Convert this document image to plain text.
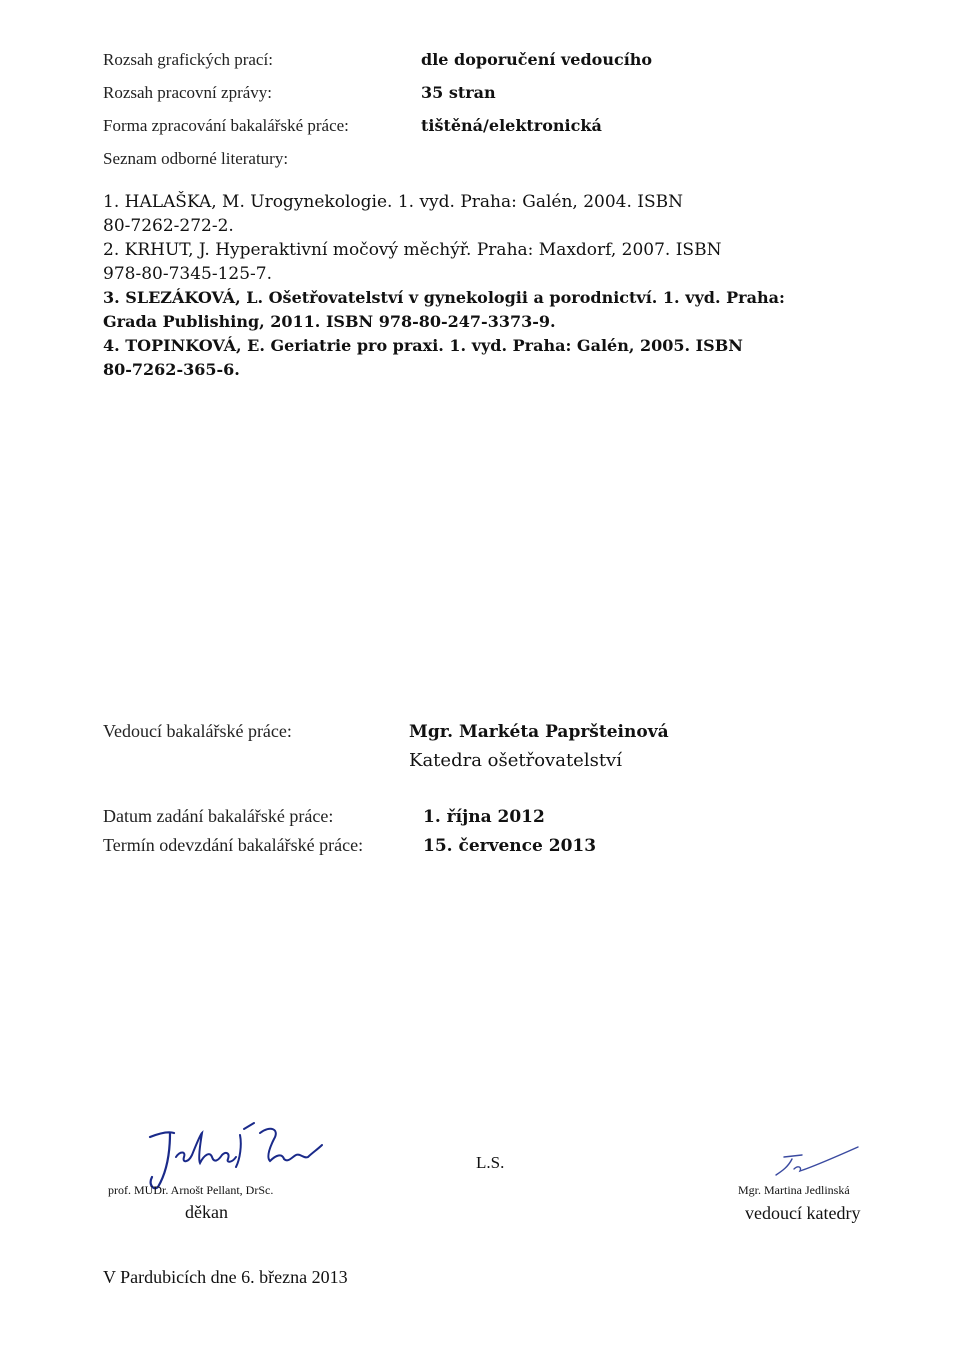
Rozsah grafických prací:	dle doporučení vedoucího
Rozsah pracovní zprávy:	35 stran
Forma zpracování bakalářské práce:	tištěná/elektronická
Seznam odborné literatury:
1. HALAŠKA, M. Urogynekologie. 1. vyd. Praha: Galén, 2004. ISBN
80-7262-272-2.
2. KRHUT, J. Hyperaktivní močový měchýř. Praha: Maxdorf, 2007. ISBN
978-80-7345-125-7.
3. SLEZÁKOVÁ, L. Ošetřovatelství v gynekologii a porodnictví. 1. vyd. Praha:
Grada Publishing, 2011. ISBN 978-80-247-3373-9.
4. TOPINKOVÁ, E. Geriatrie pro praxi. 1. vyd. Praha: Galén, 2005. ISBN
80-7262-365-6.
Vedoucí bakalářské práce:	Mgr. Markéta Papršteinová
Katedra ošetřovatelství
Datum zadání bakalářské práce:	1. října 2012
Termín odevzdání bakalářské práce:	15. července 2013
prof. MUDr. Arnošt Pellant, DrSc.
děkan
L.S.
Mgr. Martina Jedlinská
vedoucí katedry
V Pardubicích dne 6. března 2013
